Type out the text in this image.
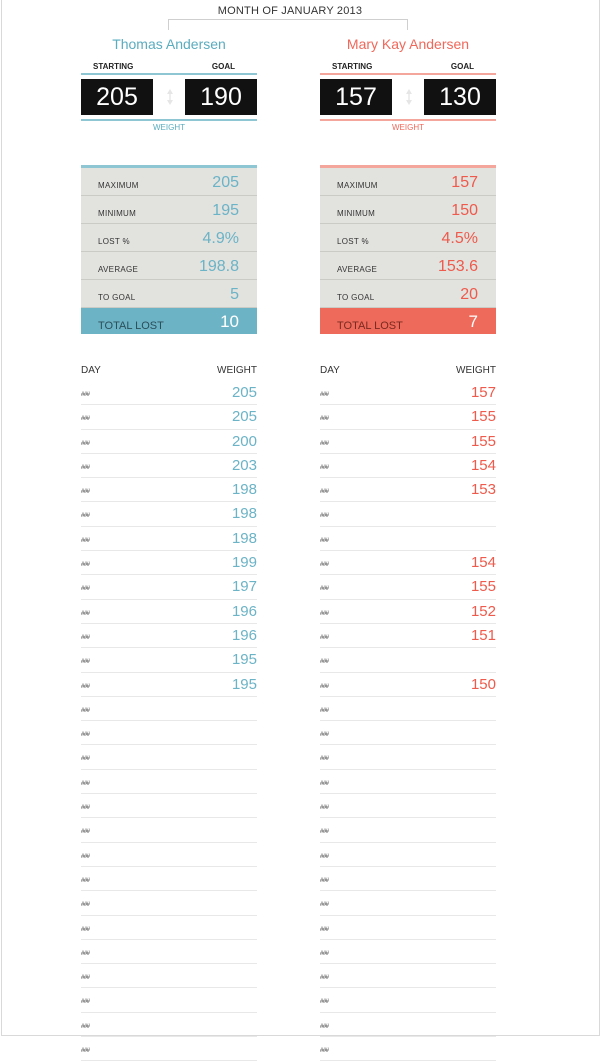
MONTH OF JANUARY 2013
Thomas Andersen
STARTING	GOAL
205	190
WEIGHT
Mary Kay Andersen
STARTING	GOAL
157	130
WEIGHT
MAXIMUM	205
MINIMUM	195
LOST %	4.9%
AVERAGE	198.8
TO GOAL	5
TOTAL LOST	10
MAXIMUM	157
MINIMUM	150
LOST %	4.5%
AVERAGE	153.6
TO GOAL	20
TOTAL LOST	7
DAY	WEIGHT
###	205
###	205
###	200
###	203
###	198
###	198
###	198
###	199
###	197
###	196
###	196
###	195
###	195
###
###
###
###
###
###
###
###
###
###
###
###
###
###
###
DAY	WEIGHT
###	157
###	155
###	155
###	154
###	153
###
###
###	154
###	155
###	152
###	151
###
###	150
###
###
###
###
###
###
###
###
###
###
###
###
###
###
###
